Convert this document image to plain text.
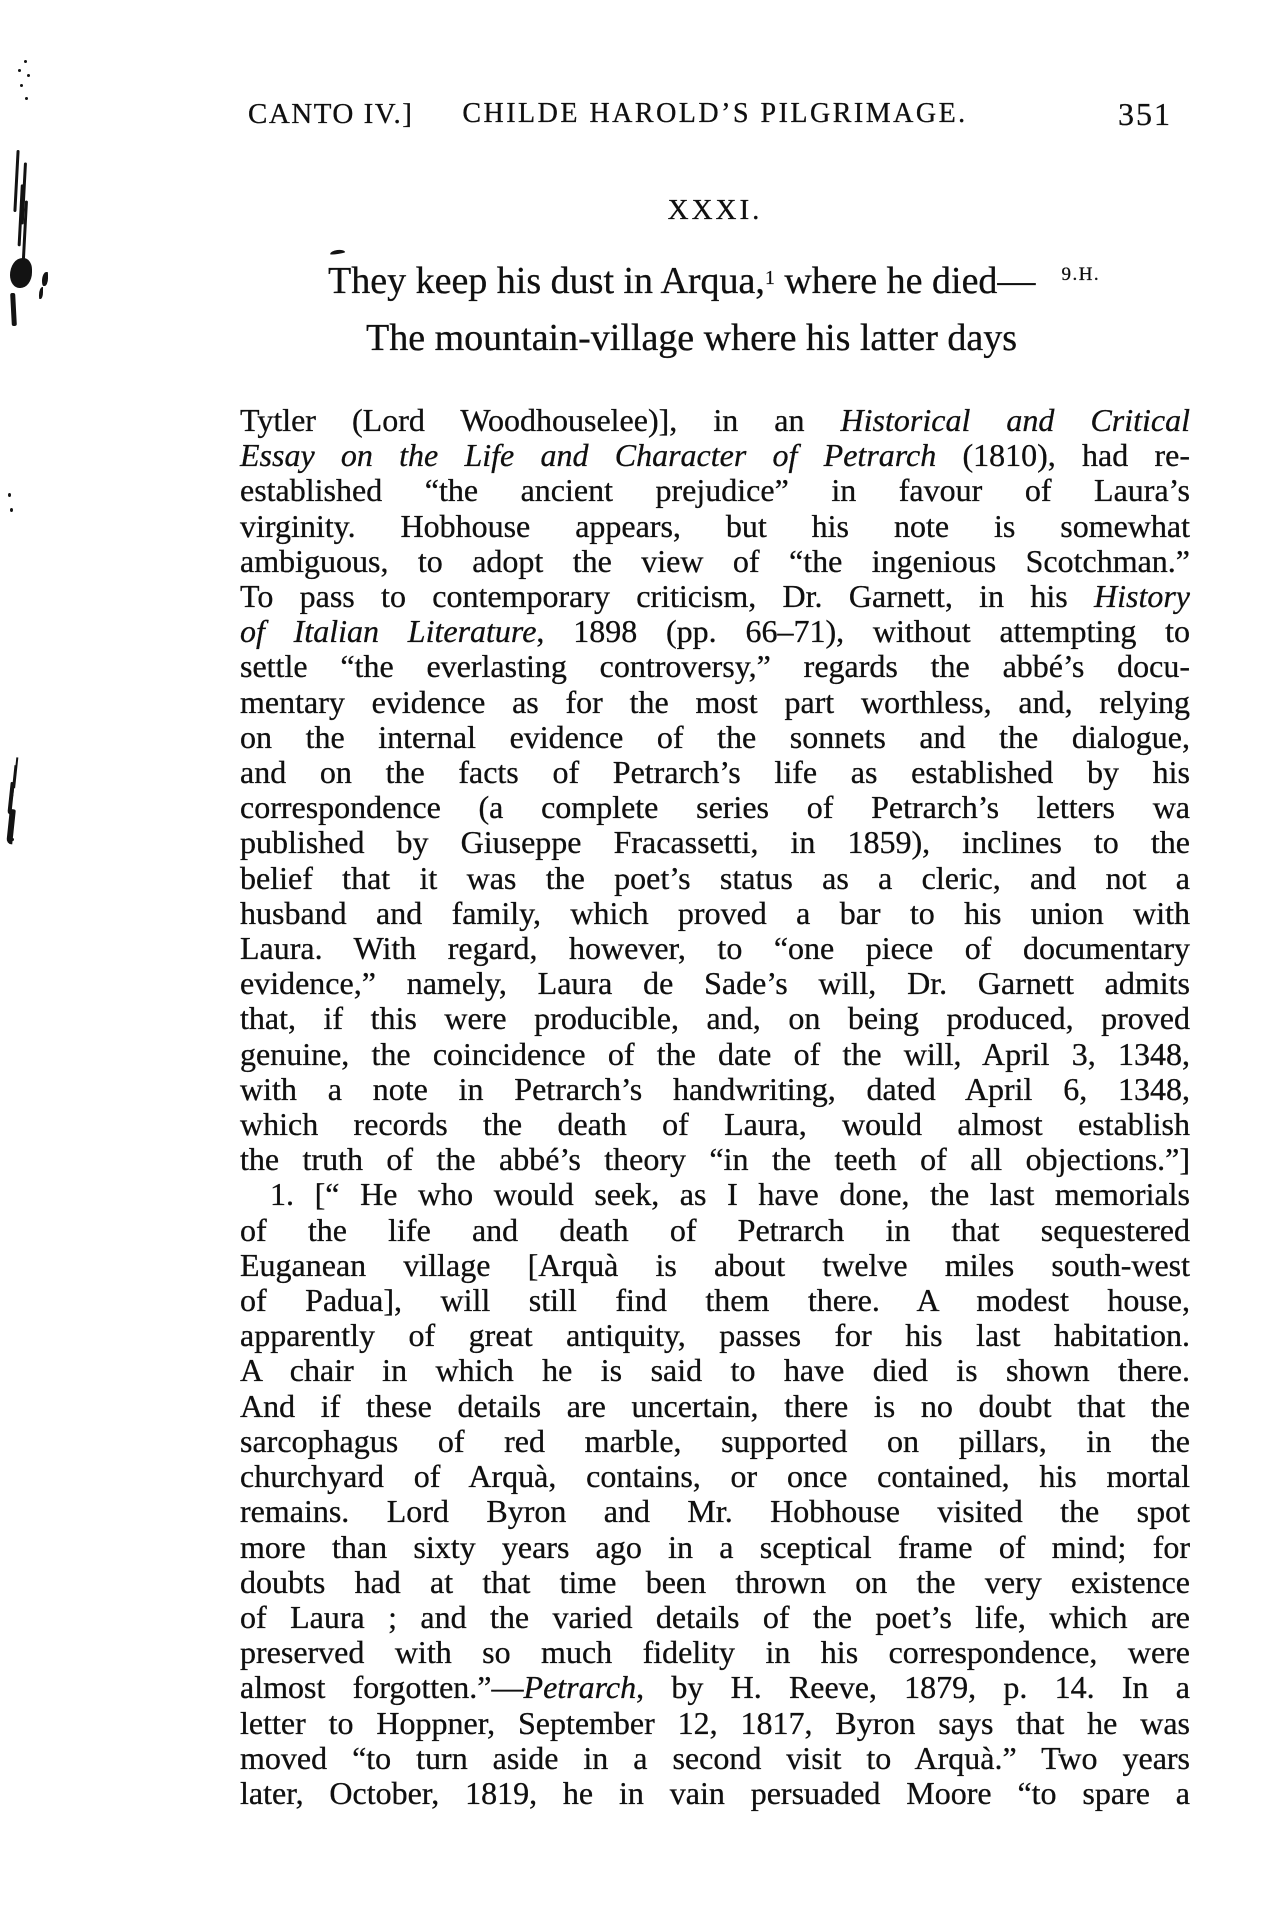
CANTO IV.]	CHILDE HAROLD’S PILGRIMAGE.	351
XXXI.
They keep his dust in Arqua,$^1$ where he died— $^{9.H.}$
The mountain-village where his latter days
Tytler (Lord Woodhouselee)], in an Historical and Critical
Essay on the Life and Character of Petrarch (1810), had re-
established “the ancient prejudice” in favour of Laura’s
virginity. Hobhouse appears, but his note is somewhat
ambiguous, to adopt the view of “the ingenious Scotchman.”
To pass to contemporary criticism, Dr. Garnett, in his History
of Italian Literature, 1898 (pp. 66–71), without attempting to
settle “the everlasting controversy,” regards the abbé’s docu-
mentary evidence as for the most part worthless, and, relying
on the internal evidence of the sonnets and the dialogue,
and on the facts of Petrarch’s life as established by his
correspondence (a complete series of Petrarch’s letters wa
published by Giuseppe Fracassetti, in 1859), inclines to the
belief that it was the poet’s status as a cleric, and not a
husband and family, which proved a bar to his union with
Laura. With regard, however, to “one piece of documentary
evidence,” namely, Laura de Sade’s will, Dr. Garnett admits
that, if this were producible, and, on being produced, proved
genuine, the coincidence of the date of the will, April 3, 1348,
with a note in Petrarch’s handwriting, dated April 6, 1348,
which records the death of Laura, would almost establish
the truth of the abbé’s theory “in the teeth of all objections.”]
1. [“ He who would seek, as I have done, the last memorials
of the life and death of Petrarch in that sequestered
Euganean village [Arquà is about twelve miles south-west
of Padua], will still find them there. A modest house,
apparently of great antiquity, passes for his last habitation.
A chair in which he is said to have died is shown there.
And if these details are uncertain, there is no doubt that the
sarcophagus of red marble, supported on pillars, in the
churchyard of Arquà, contains, or once contained, his mortal
remains. Lord Byron and Mr. Hobhouse visited the spot
more than sixty years ago in a sceptical frame of mind; for
doubts had at that time been thrown on the very existence
of Laura ; and the varied details of the poet’s life, which are
preserved with so much fidelity in his correspondence, were
almost forgotten.”—Petrarch, by H. Reeve, 1879, p. 14. In a
letter to Hoppner, September 12, 1817, Byron says that he was
moved “to turn aside in a second visit to Arquà.” Two years
later, October, 1819, he in vain persuaded Moore “to spare a
